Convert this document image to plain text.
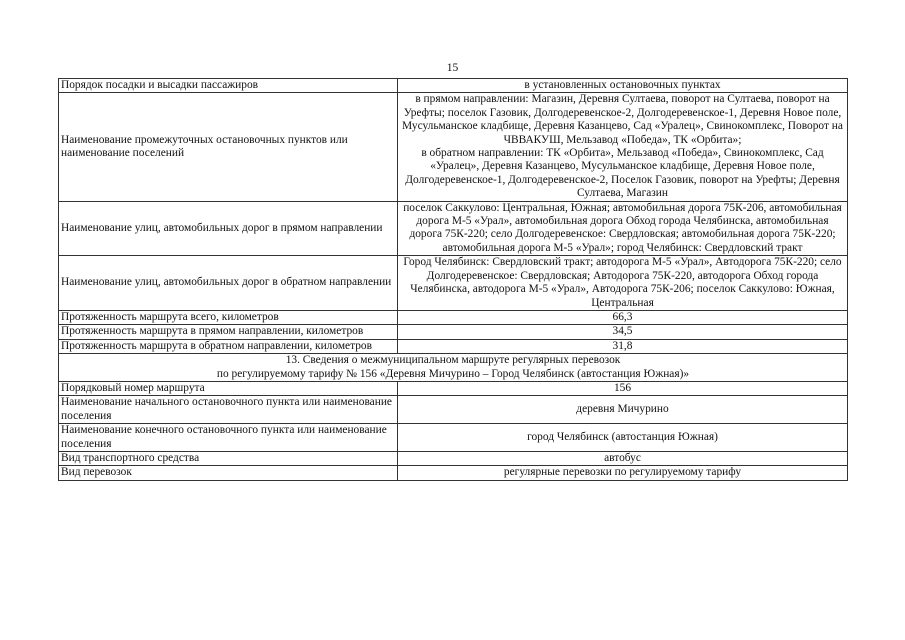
15
Порядок посадки и высадки пассажиров	в установленных остановочных пунктах
Наименование промежуточных остановочных пунктов или наименование поселений	в прямом направлении: Магазин, Деревня Султаева, поворот на Султаева, поворот на Урефты; поселок Газовик, Долгодеревенское-2, Долгодеревенское-1, Деревня Новое поле, Мусульманское кладбище, Деревня Казанцево, Сад «Уралец», Свинокомплекс, Поворот на ЧВВАКУШ, Мельзавод «Победа», ТК «Орбита»;

	в обратном направлении: ТК «Орбита», Мельзавод «Победа», Свинокомплекс, Сад «Уралец», Деревня Казанцево, Мусульманское кладбище, Деревня Новое поле, Долгодеревенское-1, Долгодеревенское-2, Поселок Газовик, поворот на Урефты; Деревня Султаева, Магазин

Наименование улиц, автомобильных дорог в прямом направлении	поселок Саккулово: Центральная, Южная; автомобильная дорога 75К-206, автомобильная дорога М-5 «Урал», автомобильная дорога Обход города Челябинска, автомобильная дорога 75К-220; село Долгодеревенское: Свердловская; автомобильная дорога 75К-220; автомобильная дорога М-5 «Урал»; город Челябинск: Свердловский тракт
Наименование улиц, автомобильных дорог в обратном направлении	Город Челябинск: Свердловский тракт; автодорога М-5 «Урал», Автодорога 75К-220; село Долгодеревенское: Свердловская; Автодорога 75К-220, автодорога Обход города Челябинска, автодорога М-5 «Урал», Автодорога 75К-206; поселок Саккулово: Южная, Центральная
Протяженность маршрута всего, километров	66,3
Протяженность маршрута в прямом направлении, километров	34,5
Протяженность маршрута в обратном направлении, километров	31,8

13. Сведения о межмуниципальном маршруте регулярных перевозок
по регулируемому тарифу № 156 «Деревня Мичурино – Город Челябинск (автостанция Южная)»	

Порядковый номер маршрута	156
Наименование начального остановочного пункта или наименование поселения	деревня Мичурино
Наименование конечного остановочного пункта или наименование поселения	город Челябинск (автостанция Южная)
Вид транспортного средства	автобус
Вид перевозок	регулярные перевозки по регулируемому тарифу
